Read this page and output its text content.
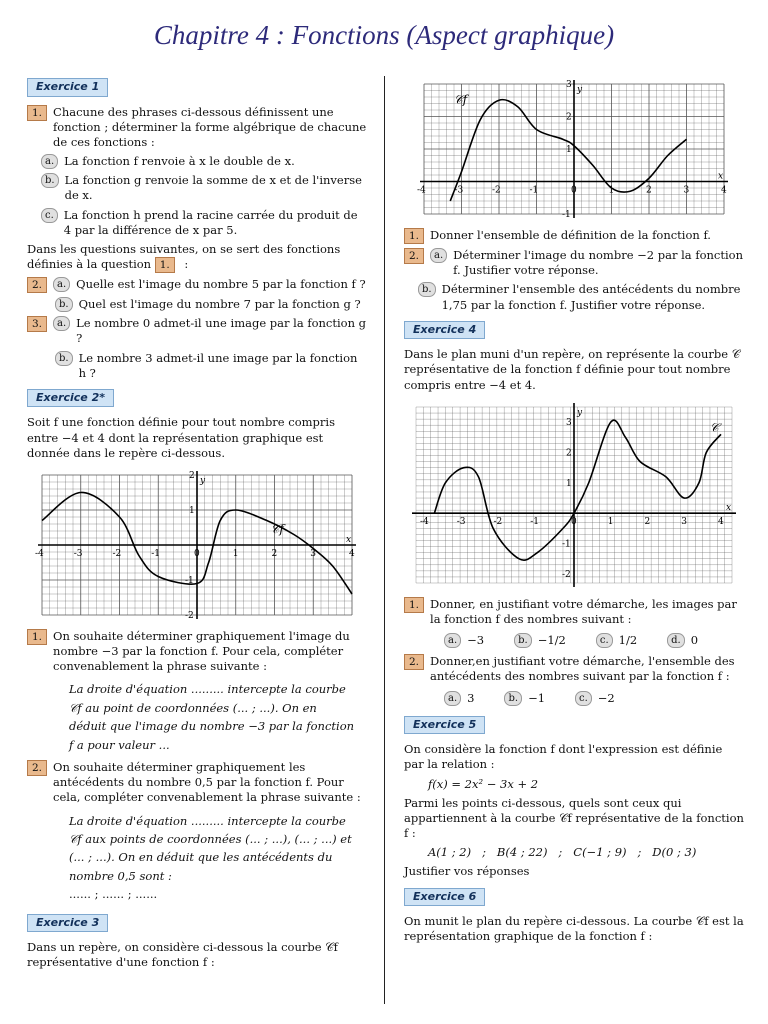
Chapitre 4 : Fonctions (Aspect graphique)
Exercice 1
1. Chacune des phrases ci-dessous définissent une fonction ; déterminer la forme algébrique de chacune de ces fonctions :
a. La fonction f renvoie à x le double de x.
b. La fonction g renvoie la somme de x et de l'inverse de x.
c. La fonction h prend la racine carrée du produit de 4 par la différence de x par 5.

Dans les questions suivantes, on se sert des fonctions définies à la question 1. :

2.	a. Quelle est l'image du nombre 5 par la fonction f ?
b. Quel est l'image du nombre 7 par la fonction g ?
3.	a. Le nombre 0 admet-il une image par la fonction g ?
b. Le nombre 3 admet-il une image par la fonction h ?
Exercice 2*

Soit f une fonction définie pour tout nombre compris entre −4 et 4 dont la représentation graphique est donnée dans le repère ci-dessous.

-4	-3	-2	-1	0	1	2	3	4
2
1
-1
-2
x
y
𝒞f
1. On souhaite déterminer graphiquement l'image du nombre −3 par la fonction f. Pour cela, compléter convenablement la phrase suivante :
La droite d'équation ......... intercepte la courbe 𝒞f au point de coordonnées (... ; ...). On en déduit que l'image du nombre −3 par la fonction f a pour valeur ...
2. On souhaite déterminer graphiquement les antécédents du nombre 0,5 par la fonction f. Pour cela, compléter convenablement la phrase suivante :
La droite d'équation ......... intercepte la courbe 𝒞f aux points de coordonnées (... ; ...), (... ; ...) et (... ; ...). On en déduit que les antécédents du nombre 0,5 sont :
...... ; ...... ; ......
Exercice 3

Dans un repère, on considère ci-dessous la courbe 𝒞f représentative d'une fonction f :

-4	-3	-2	-1	0	1	2	3	4
3
2
1
-1
x
y
𝒞f
1. Donner l'ensemble de définition de la fonction f.
2.	a. Déterminer l'image du nombre −2 par la fonction f. Justifier votre réponse.
b. Déterminer l'ensemble des antécédents du nombre 1,75 par la fonction f. Justifier votre réponse.
Exercice 4

Dans le plan muni d'un repère, on représente la courbe 𝒞 représentative de la fonction f définie pour tout nombre compris entre −4 et 4.

-4	-3	-2	-1	0	1	2	3	4
3
2
1
-1
-2
x
y
𝒞
1. Donner, en justifiant votre démarche, les images par la fonction f des nombres suivant :
a. −3	b. −1/2	c. 1/2	d. 0
2. Donner,en justifiant votre démarche, l'ensemble des antécédents des nombres suivant par la fonction f :
a. 3	b. −1	c. −2
Exercice 5

On considère la fonction f dont l'expression est définie par la relation :

f(x) = 2x² − 3x + 2

Parmi les points ci-dessous, quels sont ceux qui appartiennent à la courbe 𝒞f représentative de la fonction f :

A(1 ; 2)   ;   B(4 ; 22)   ;   C(−1 ; 9)   ;   D(0 ; 3)

Justifier vos réponses

Exercice 6

On munit le plan du repère ci-dessous. La courbe 𝒞f est la représentation graphique de la fonction f :
